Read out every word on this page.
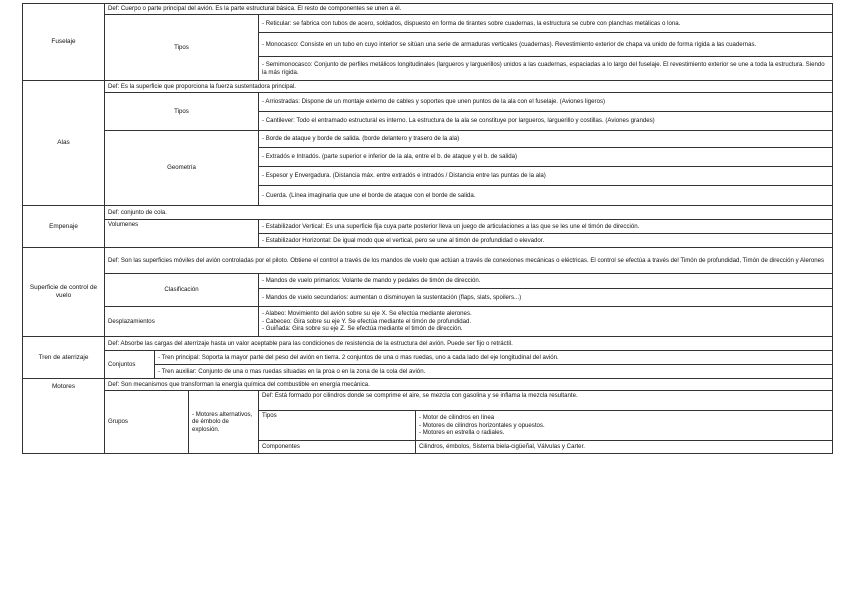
Fuselaje	Def: Cuerpo o parte principal del avión. Es la parte estructural básica. El resto de componentes se unen a él.				
	Tipos			- Reticular: se fabrica con tubos de acero, soldados, dispuesto en forma de tirantes sobre cuadernas, la estructura se cubre con planchas metálicas o lona.	
				- Monocasco: Consiste en un tubo en cuyo interior se sitúan una serie de armaduras verticales (cuadernas). Revestimiento exterior de chapa va unido de forma rígida a las cuadernas.	
				- Semimonocasco: Conjunto de perfiles metálicos longitudinales (largueros y larguerillos) unidos a las cuadernas, espaciadas a lo largo del fuselaje. El revestimiento exterior se une a toda la estructura. Siendo la más rígida.	
Alas	Def: Es la superficie que proporciona la fuerza sustentadora principal.				
	Tipos			- Arriostradas: Dispone de un montaje externo de cables y soportes que unen puntos de la ala con el fuselaje. (Aviones ligeros)	
				- Cantilever: Todo el entramado estructural es interno. La estructura de la ala se constituye por largueros, larguerillo y costillas. (Aviones grandes)	
	Geometría			- Borde de ataque y borde de salida. (borde delantero y trasero de la ala)	
				- Extradós e Intradós. (parte superior e inferior de la ala, entre el b. de ataque y el b. de salida)	
				- Espesor y Envergadura. (Distancia máx. entre extradós e intradós / Distancia entre las puntas de la ala)	
				- Cuerda. (Línea imaginaria que une el borde de ataque con el borde de salida.	
Empenaje	Def: conjunto de cola.				
	Volumenes			- Estabilizador Vertical: Es una superficie fija cuya parte posterior lleva un juego de articulaciones a las que se les une el timón de dirección.	
				- Estabilizador Horizontal: De igual modo que el vertical, pero se une al timón de profundidad o elevador.	
Superficie de control de vuelo	Def: Son las superficies móviles del avión controladas por el piloto. Obtiene el control a través de los mandos de vuelo que actúan a través de conexiones mecánicas o eléctricas. El control se efectúa a través del Timón de profundidad, Timón de dirección y Alerones				
	Clasificación			- Mandos de vuelo primarios: Volante de mando y pedales de timón de dirección.	
				- Mandos de vuelo secundarios: aumentan o disminuyen la sustentación (flaps, slats, spoilers...)	
	Desplazamientos			- Alabeo: Movimiento del avión sobre su eje X. Se efectúa mediante alerones.
- Cabeceo: Gira sobre su eje Y. Se efectúa mediante el timón de profundidad.
- Guiñada: Gira sobre su eje Z. Se efectúa mediante el timón de dirección.	

Tren de aterrizaje	Def: Absorbe las cargas del aterrizaje hasta un valor aceptable para las condiciones de resistencia de la estructura del avión. Puede ser fijo o retráctil.				
	Conjuntos	- Tren principal: Soporta la mayor parte del peso del avión en tierra. 2 conjuntos de una o mas ruedas, uno a cada lado del eje longitudinal del avión.			
		- Tren auxiliar: Conjunto de una o mas ruedas situadas en la proa o en la zona de la cola del avión.			
Motores	Def: Son mecanismos que transforman la energía química del combustible en energía mecánica.				
	Grupos		- Motores alternativos, de émbolo de explosión.	Def: Está formado por cilindros donde se comprime el aire, se mezcla con gasolina y se inflama la mezcla resultante.	
				Tipos	- Motor de cilindros en línea
- Motores de cilindros horizontales y opuestos.
- Motores en estrella o radiales.

				Componentes	Cilindros, émbolos, Sistema biela-cigüeñal, Válvulas y Carter.
